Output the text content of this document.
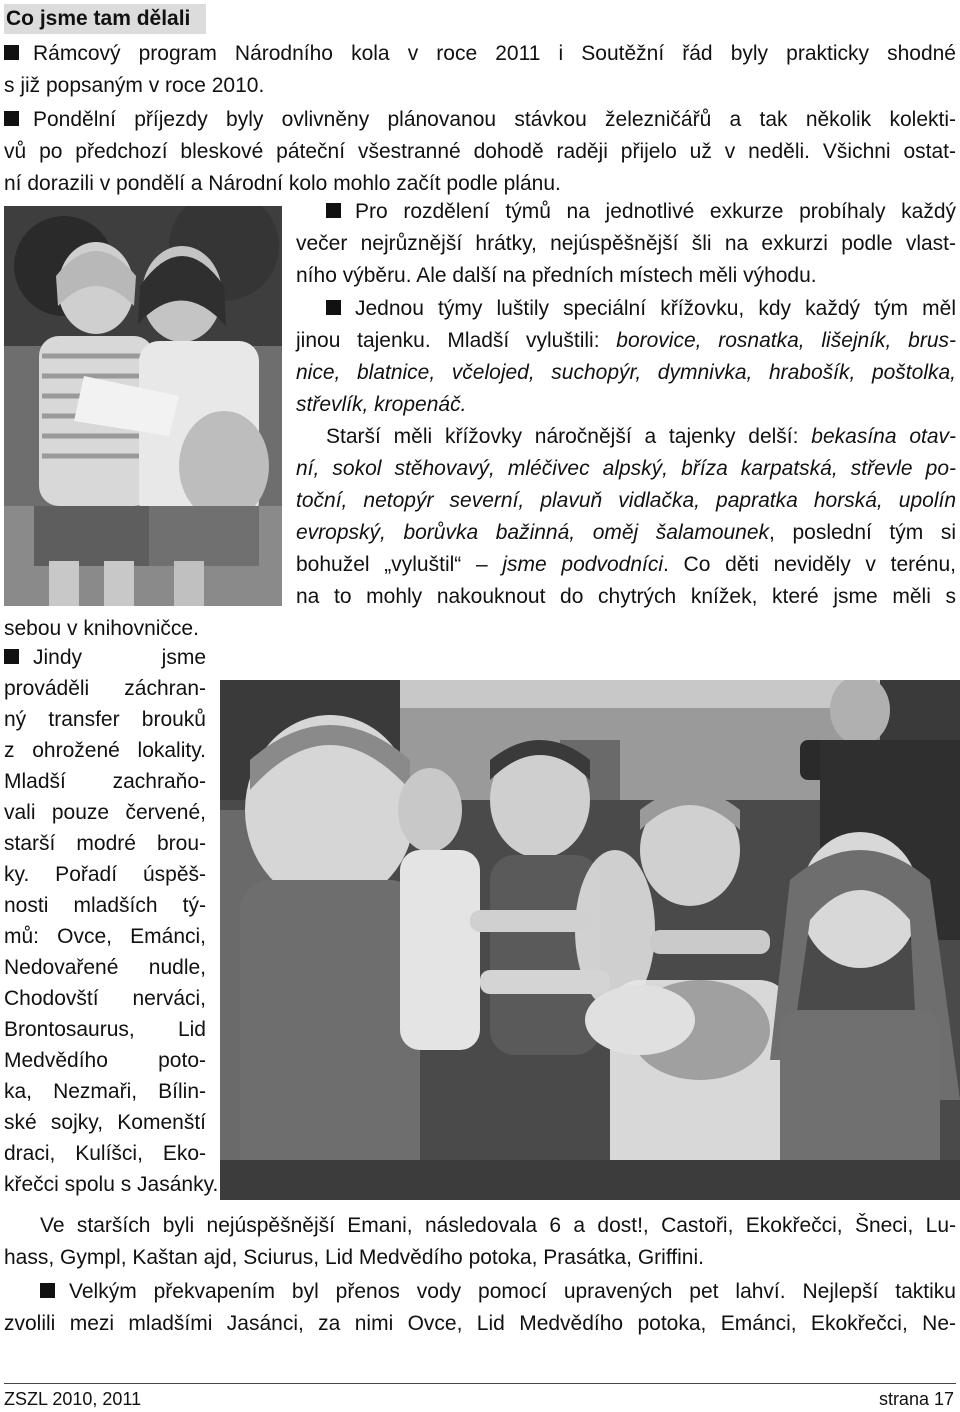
Co jsme tam dělali
Rámcový program Národního kola v roce 2011 i Soutěžní řád byly prakticky shodné
s již popsaným v roce 2010.
Pondělní příjezdy byly ovlivněny plánovanou stávkou železničářů a tak několik kolekti-
vů po předchozí bleskové páteční všestranné dohodě raději přijelo už v neděli. Všichni ostat-
ní dorazili v pondělí a Národní kolo mohlo začít podle plánu.
Pro rozdělení týmů na jednotlivé exkurze probíhaly každý
večer nejrůznější hrátky, nejúspěšnější šli na exkurzi podle vlast-
ního výběru. Ale další na předních místech měli výhodu.
Jednou týmy luštily speciální křížovku, kdy každý tým měl
jinou tajenku. Mladší vyluštili: borovice, rosnatka, lišejník, brus-
nice, blatnice, včelojed, suchopýr, dymnivka, hrabošík, poštolka,
střevlík, kropenáč.
Starší měli křížovky náročnější a tajenky delší: bekasína otav-
ní, sokol stěhovavý, mléčivec alpský, bříza karpatská, střevle po-
toční, netopýr severní, plavuň vidlačka, papratka horská, upolín
evropský, borůvka bažinná, oměj šalamounek, poslední tým si
bohužel „vyluštil“ – jsme podvodníci. Co děti neviděly v terénu,
na to mohly nakouknout do chytrých knížek, které jsme měli s
sebou v knihovničce.
Jindy jsme
prováděli záchran-
ný transfer brouků
z ohrožené lokality.
Mladší zachraňo-
vali pouze červené,
starší modré brou-
ky. Pořadí úspěš-
nosti mladších tý-
mů: Ovce, Emánci,
Nedovařené nudle,
Chodovští nerváci,
Brontosaurus, Lid
Medvědího poto-
ka, Nezmaři, Bílin-
ské sojky, Komenští
draci, Kulíšci, Eko-
křečci spolu s Jasánky.
Ve starších byli nejúspěšnější Emani, následovala 6 a dost!, Castoři, Ekokřečci, Šneci, Lu-
hass, Gympl, Kaštan ajd, Sciurus, Lid Medvědího potoka, Prasátka, Griffini.
Velkým překvapením byl přenos vody pomocí upravených pet lahví. Nejlepší taktiku
zvolili mezi mladšími Jasánci, za nimi Ovce, Lid Medvědího potoka, Emánci, Ekokřečci, Ne-
ZSZL 2010, 2011	strana 17
